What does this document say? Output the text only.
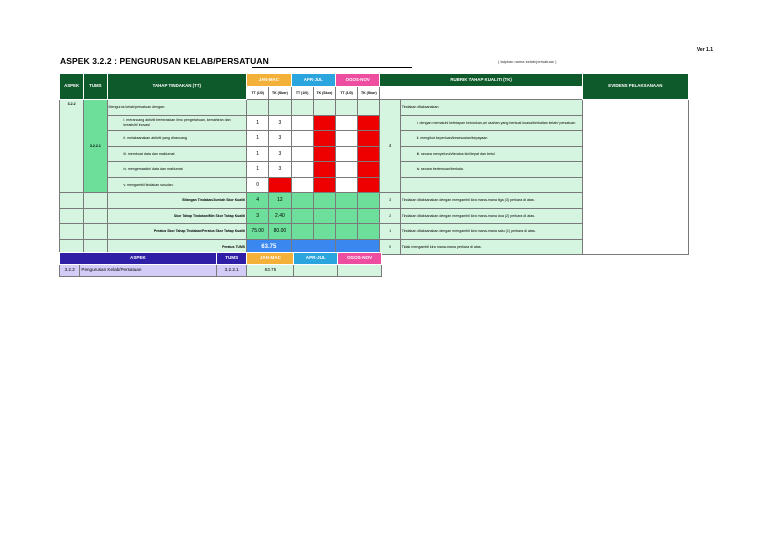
Ver 1.1
ASPEK 3.2.2 : PENGURUSAN KELAB/PERSATUAN	( taipkan nama kelab/persatuan )
ASPEK	TUMS	TAHAP TINDAKAN (TT)	JAN-MAC		APR-JUL		OGOS-NOV		RUBRIK TAHAP KUALITI (TK)		EVIDENS PELAKSANAAN
			TT (1/0)	TK (Skor)	TT (1/0)	TK (Skor)	TT (1/0)	TK (Skor)			
3.2.2	3.2.2.1	Mengurus kelab/persatuan dengan:							4	Tindakan dilaksanakan:	
		i. merancang aktiviti berteraskan ilmu pengetahuan, kemahiran dan kreativiti/ inovasi	1	3						i. dengan mematuhi ketetapan keturukan,ari usahan yang berkuat kuasa/berkaitan kelab/ persatuan	
		ii. melaksanakan aktiviti yang dirancang	1	3						ii. mengikut keperluan/kesesuaian/kepayaan	
		iii. membuat data dan maklumat	1	3						iii. secara menyeluruh/teratus kini/tepat dan betul	
		iv. mengemaskini data dan maklumat	1	3						iv. secara berterusan/berkala.	
		v. mengambil tindakan susulan.	0								
		Bilangan Tindakan/Jumlah Skor Kualiti	4	12					3	Tindakan dilaksanakan dengan mengambil kira mana-mana tiga (3) perkara di atas.	
		Skor Tahap Tindakan/Min Skor Tahap Kualiti	3	2.40					2	Tindakan dilaksanakan dengan mengambil kira mana-mana dua (2) perkara di atas.	
		Peratus Skor Tahap Tindakan/Peratus Skor Tahap Kualiti	75.00	80.00					1	Tindakan dilaksanakan dengan mengambil kira mana-mana satu (1) perkara di atas.	
		Peratus TUMS	63.75						0	Tidak mengambil kira mana-mana perkara di atas.	
ASPEK		TUMS	JAN-MAC	APR-JUL	OGOS-NOV
3.2.2	Pengurusan Kelab/Persatuan	3.2.2.1	63.75		
